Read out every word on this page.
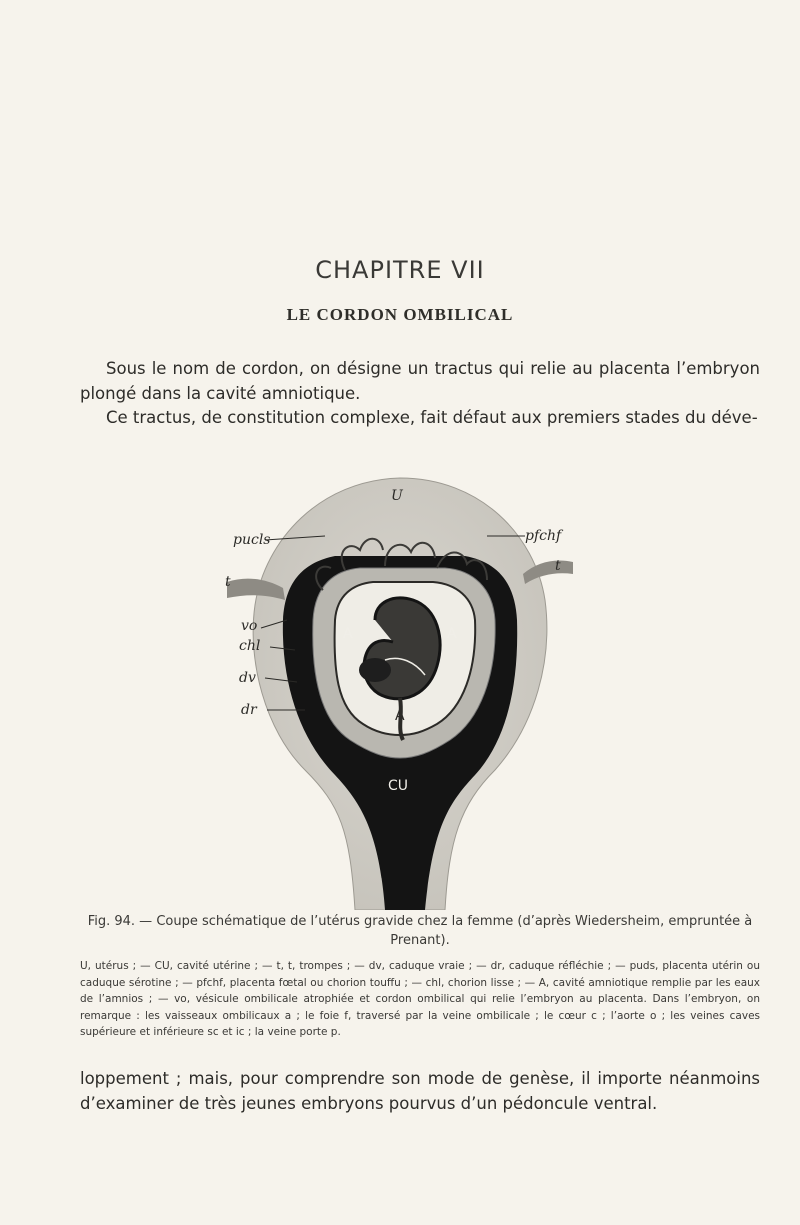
CHAPITRE VII
LE CORDON OMBILICAL
Sous le nom de cordon, on désigne un tractus qui relie au placenta l’embryon plongé dans la cavité amniotique.
Ce tractus, de constitution complexe, fait défaut aux premiers stades du déve-
U
pucls	pfchf
t
t
vo
chl
dv
dr
A	A
CU
A
Fig. 94. — Coupe schématique de l’utérus gravide chez la femme (d’après Wiedersheim, empruntée à Prenant).
U, utérus ; — CU, cavité utérine ; — t, t, trompes ; — dv, caduque vraie ; — dr, caduque réfléchie ; — puds, placenta utérin ou caduque sérotine ; — pfchf, placenta fœtal ou chorion touffu ; — chl, chorion lisse ; — A, cavité amniotique remplie par les eaux de l’amnios ; — vo, vésicule ombilicale atrophiée et cordon ombilical qui relie l’embryon au placenta. Dans l’embryon, on remarque : les vaisseaux ombilicaux a ; le foie f, traversé par la veine ombilicale ; le cœur c ; l’aorte o ; les veines caves supérieure et inférieure sc et ic ; la veine porte p.
loppement ; mais, pour comprendre son mode de genèse, il importe néanmoins d’examiner de très jeunes embryons pourvus d’un pédoncule ventral.
